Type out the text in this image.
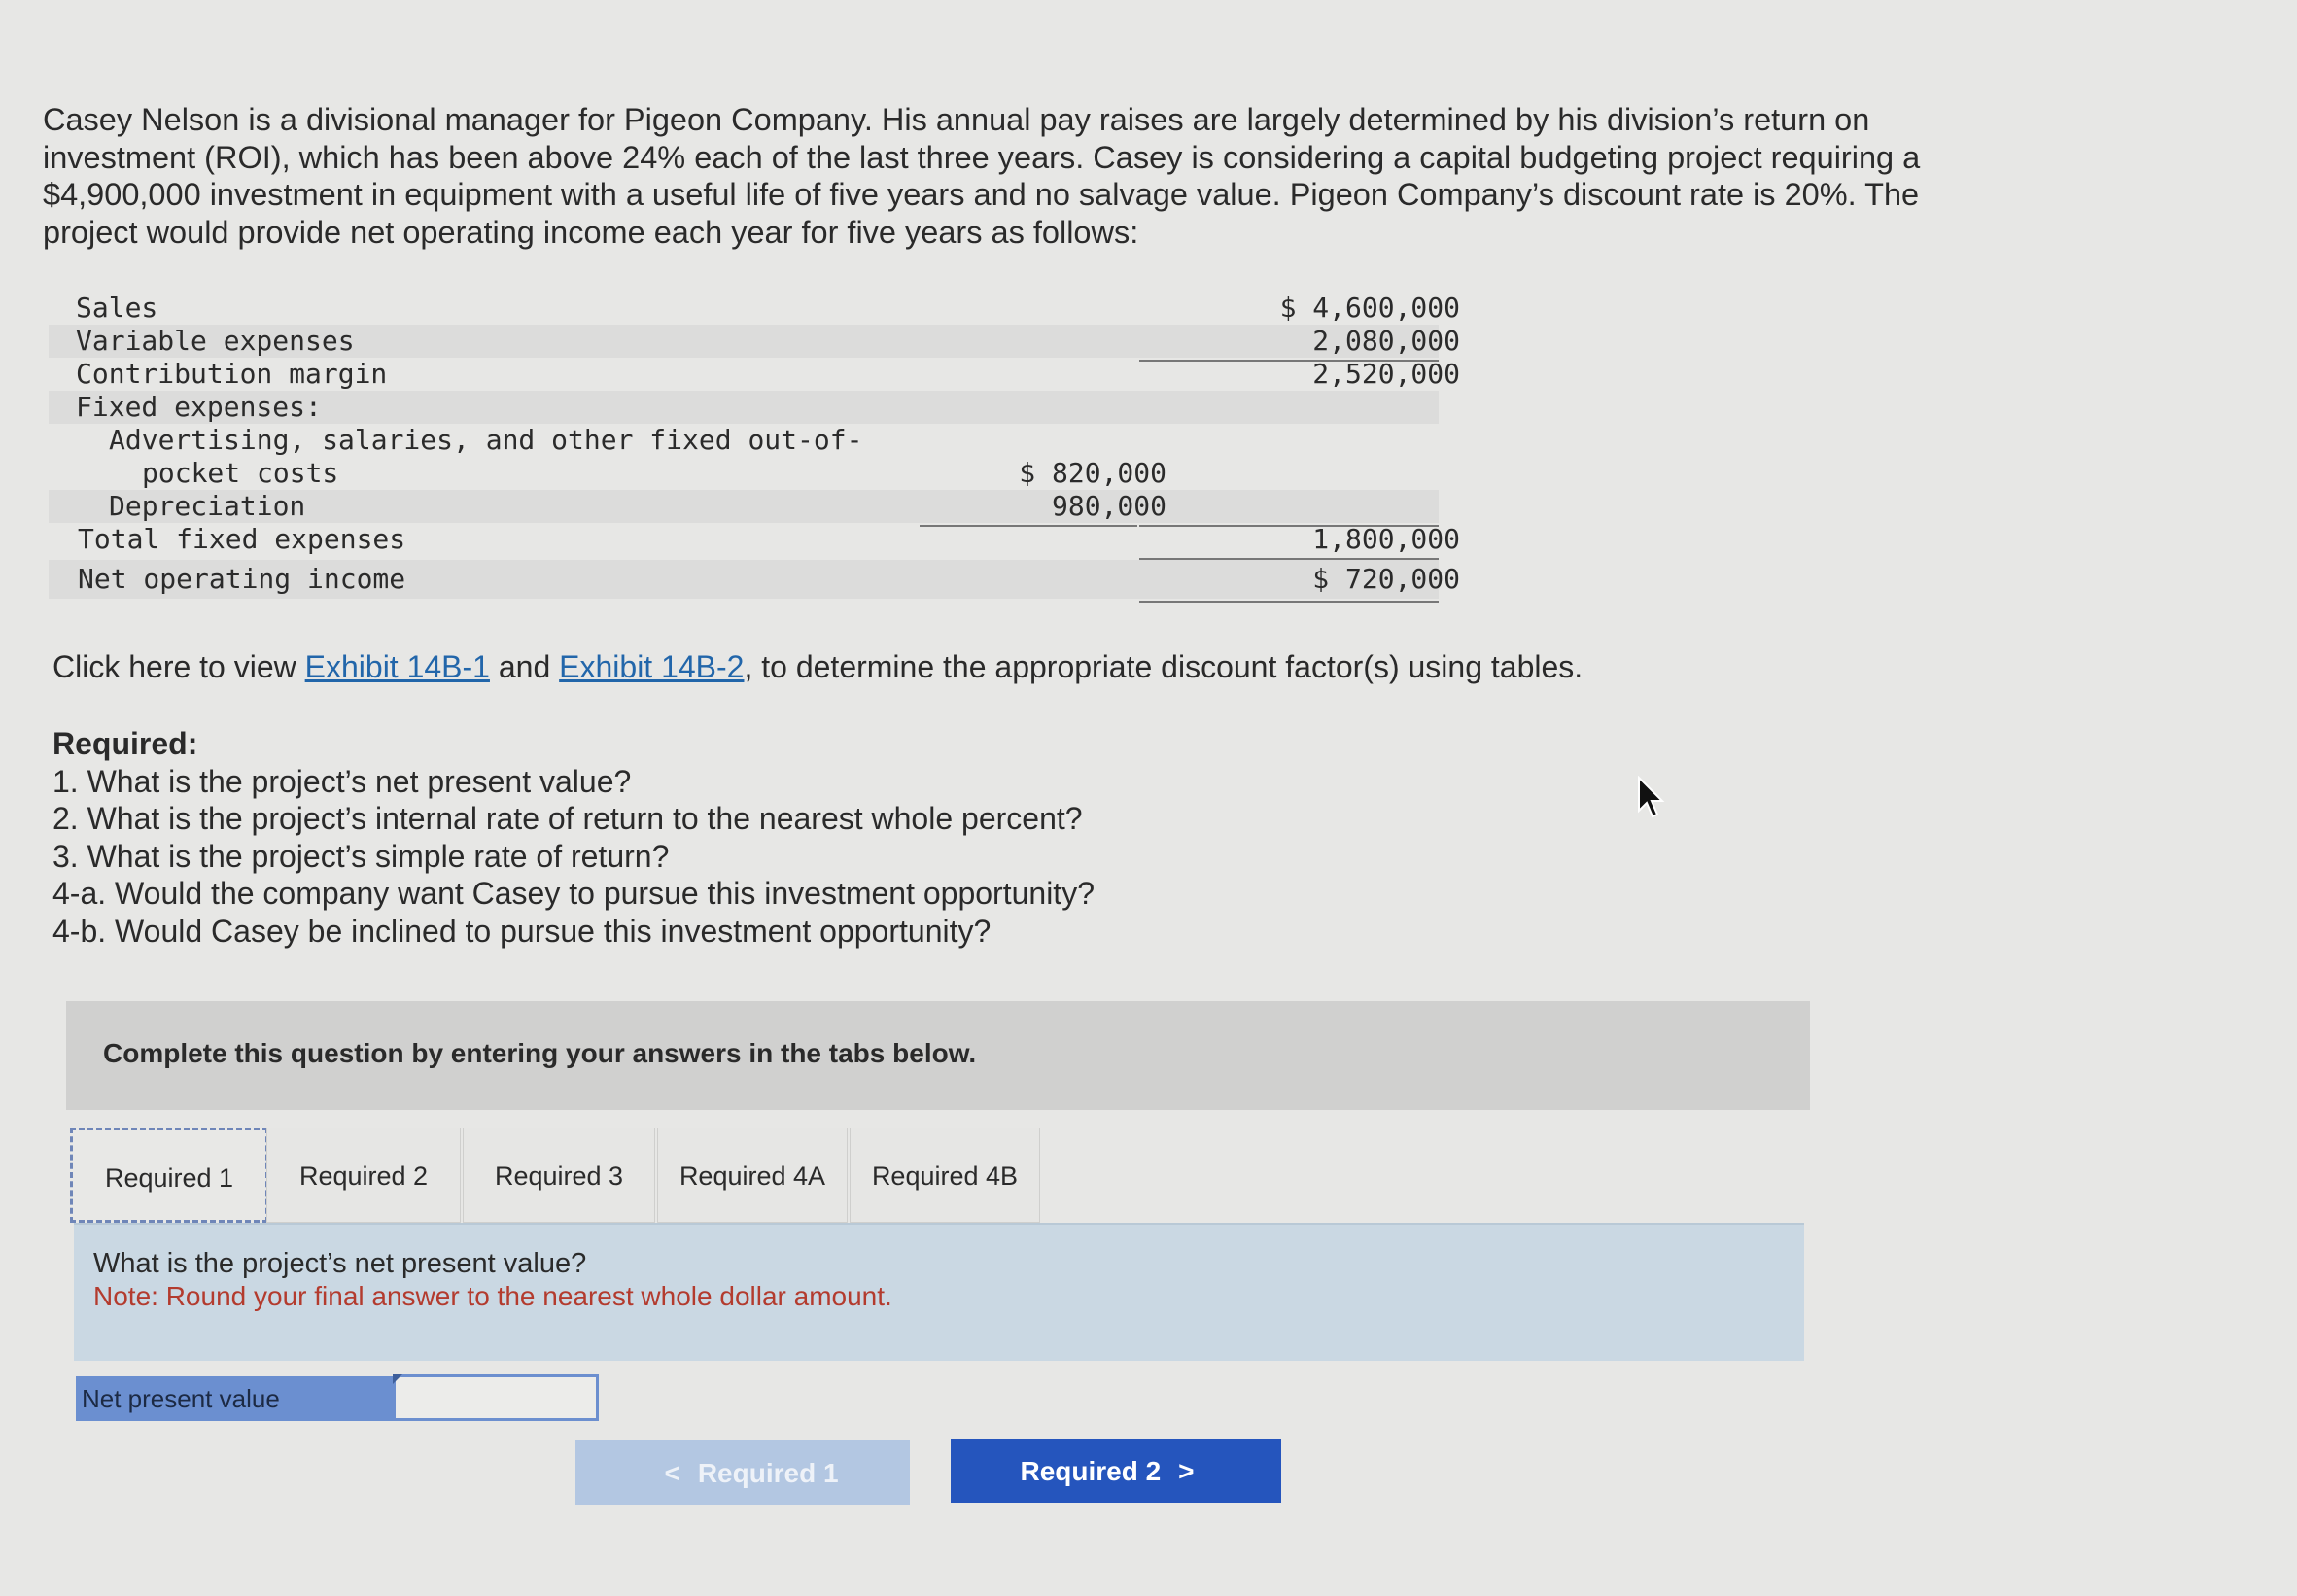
Casey Nelson is a divisional manager for Pigeon Company. His annual pay raises are largely determined by his division’s return on

investment (ROI), which has been above 24% each of the last three years. Casey is considering a capital budgeting project requiring a

$4,900,000 investment in equipment with a useful life of five years and no salvage value. Pigeon Company’s discount rate is 20%. The

project would provide net operating income each year for five years as follows:

Sales	$ 4,600,000
Variable expenses	2,080,000
Contribution margin	2,520,000
Fixed expenses:
Advertising, salaries, and other fixed out-of-
pocket costs	$ 820,000
Depreciation	980,000
Total fixed expenses	1,800,000
Net operating income	$ 720,000
Click here to view Exhibit 14B-1 and Exhibit 14B-2, to determine the appropriate discount factor(s) using tables.
Required:
1. What is the project’s net present value?
2. What is the project’s internal rate of return to the nearest whole percent?
3. What is the project’s simple rate of return?
4-a. Would the company want Casey to pursue this investment opportunity?
4-b. Would Casey be inclined to pursue this investment opportunity?
Complete this question by entering your answers in the tabs below.
Required 1	Required 2	Required 3	Required 4A	Required 4B
What is the project’s net present value?
Note: Round your final answer to the nearest whole dollar amount.
Net present value
< Required 1	Required 2 >
